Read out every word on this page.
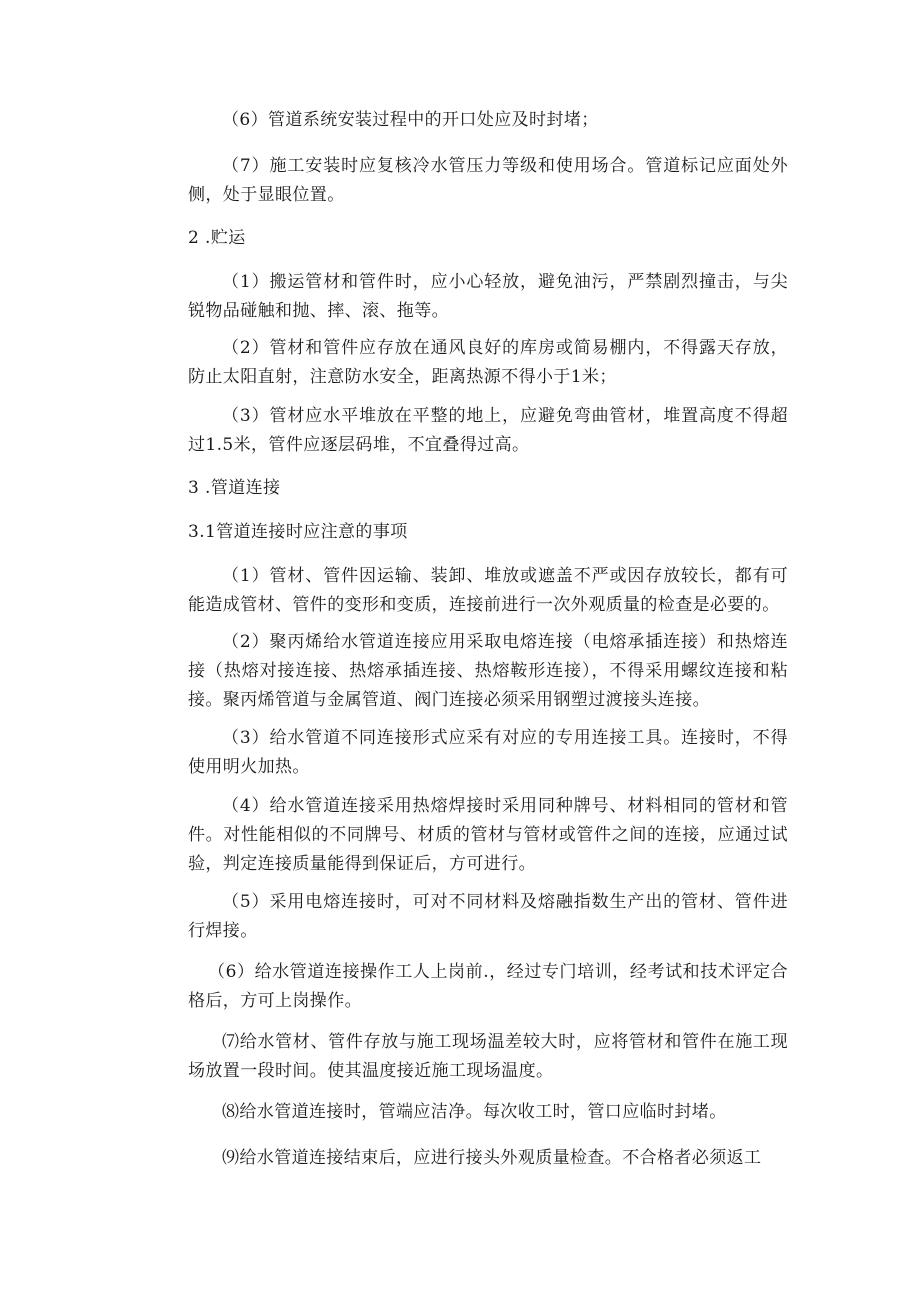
（6）管道系统安装过程中的开口处应及时封堵；

（7）施工安装时应复核冷水管压力等级和使用场合。管道标记应面处外侧，处于显眼位置。

2 .贮运

（1）搬运管材和管件时，应小心轻放，避免油污，严禁剧烈撞击，与尖锐物品碰触和抛、摔、滚、拖等。

（2）管材和管件应存放在通风良好的库房或简易棚内，不得露天存放，防止太阳直射，注意防水安全，距离热源不得小于1米；

（3）管材应水平堆放在平整的地上，应避免弯曲管材，堆置高度不得超过1.5米，管件应逐层码堆，不宜叠得过高。

3 .管道连接

3.1管道连接时应注意的事项

（1）管材、管件因运输、装卸、堆放或遮盖不严或因存放较长，都有可能造成管材、管件的变形和变质，连接前进行一次外观质量的检查是必要的。

（2）聚丙烯给水管道连接应用采取电熔连接（电熔承插连接）和热熔连接（热熔对接连接、热熔承插连接、热熔鞍形连接），不得采用螺纹连接和粘接。聚丙烯管道与金属管道、阀门连接必须采用钢塑过渡接头连接。

（3）给水管道不同连接形式应采有对应的专用连接工具。连接时，不得使用明火加热。

（4）给水管道连接采用热熔焊接时采用同种牌号、材料相同的管材和管件。对性能相似的不同牌号、材质的管材与管材或管件之间的连接，应通过试验，判定连接质量能得到保证后，方可进行。

（5）采用电熔连接时，可对不同材料及熔融指数生产出的管材、管件进行焊接。

（6）给水管道连接操作工人上岗前.，经过专门培训，经考试和技术评定合格后，方可上岗操作。

⑺给水管材、管件存放与施工现场温差较大时，应将管材和管件在施工现场放置一段时间。使其温度接近施工现场温度。

⑻给水管道连接时，管端应洁净。每次收工时，管口应临时封堵。

⑼给水管道连接结束后，应进行接头外观质量检查。不合格者必须返工
